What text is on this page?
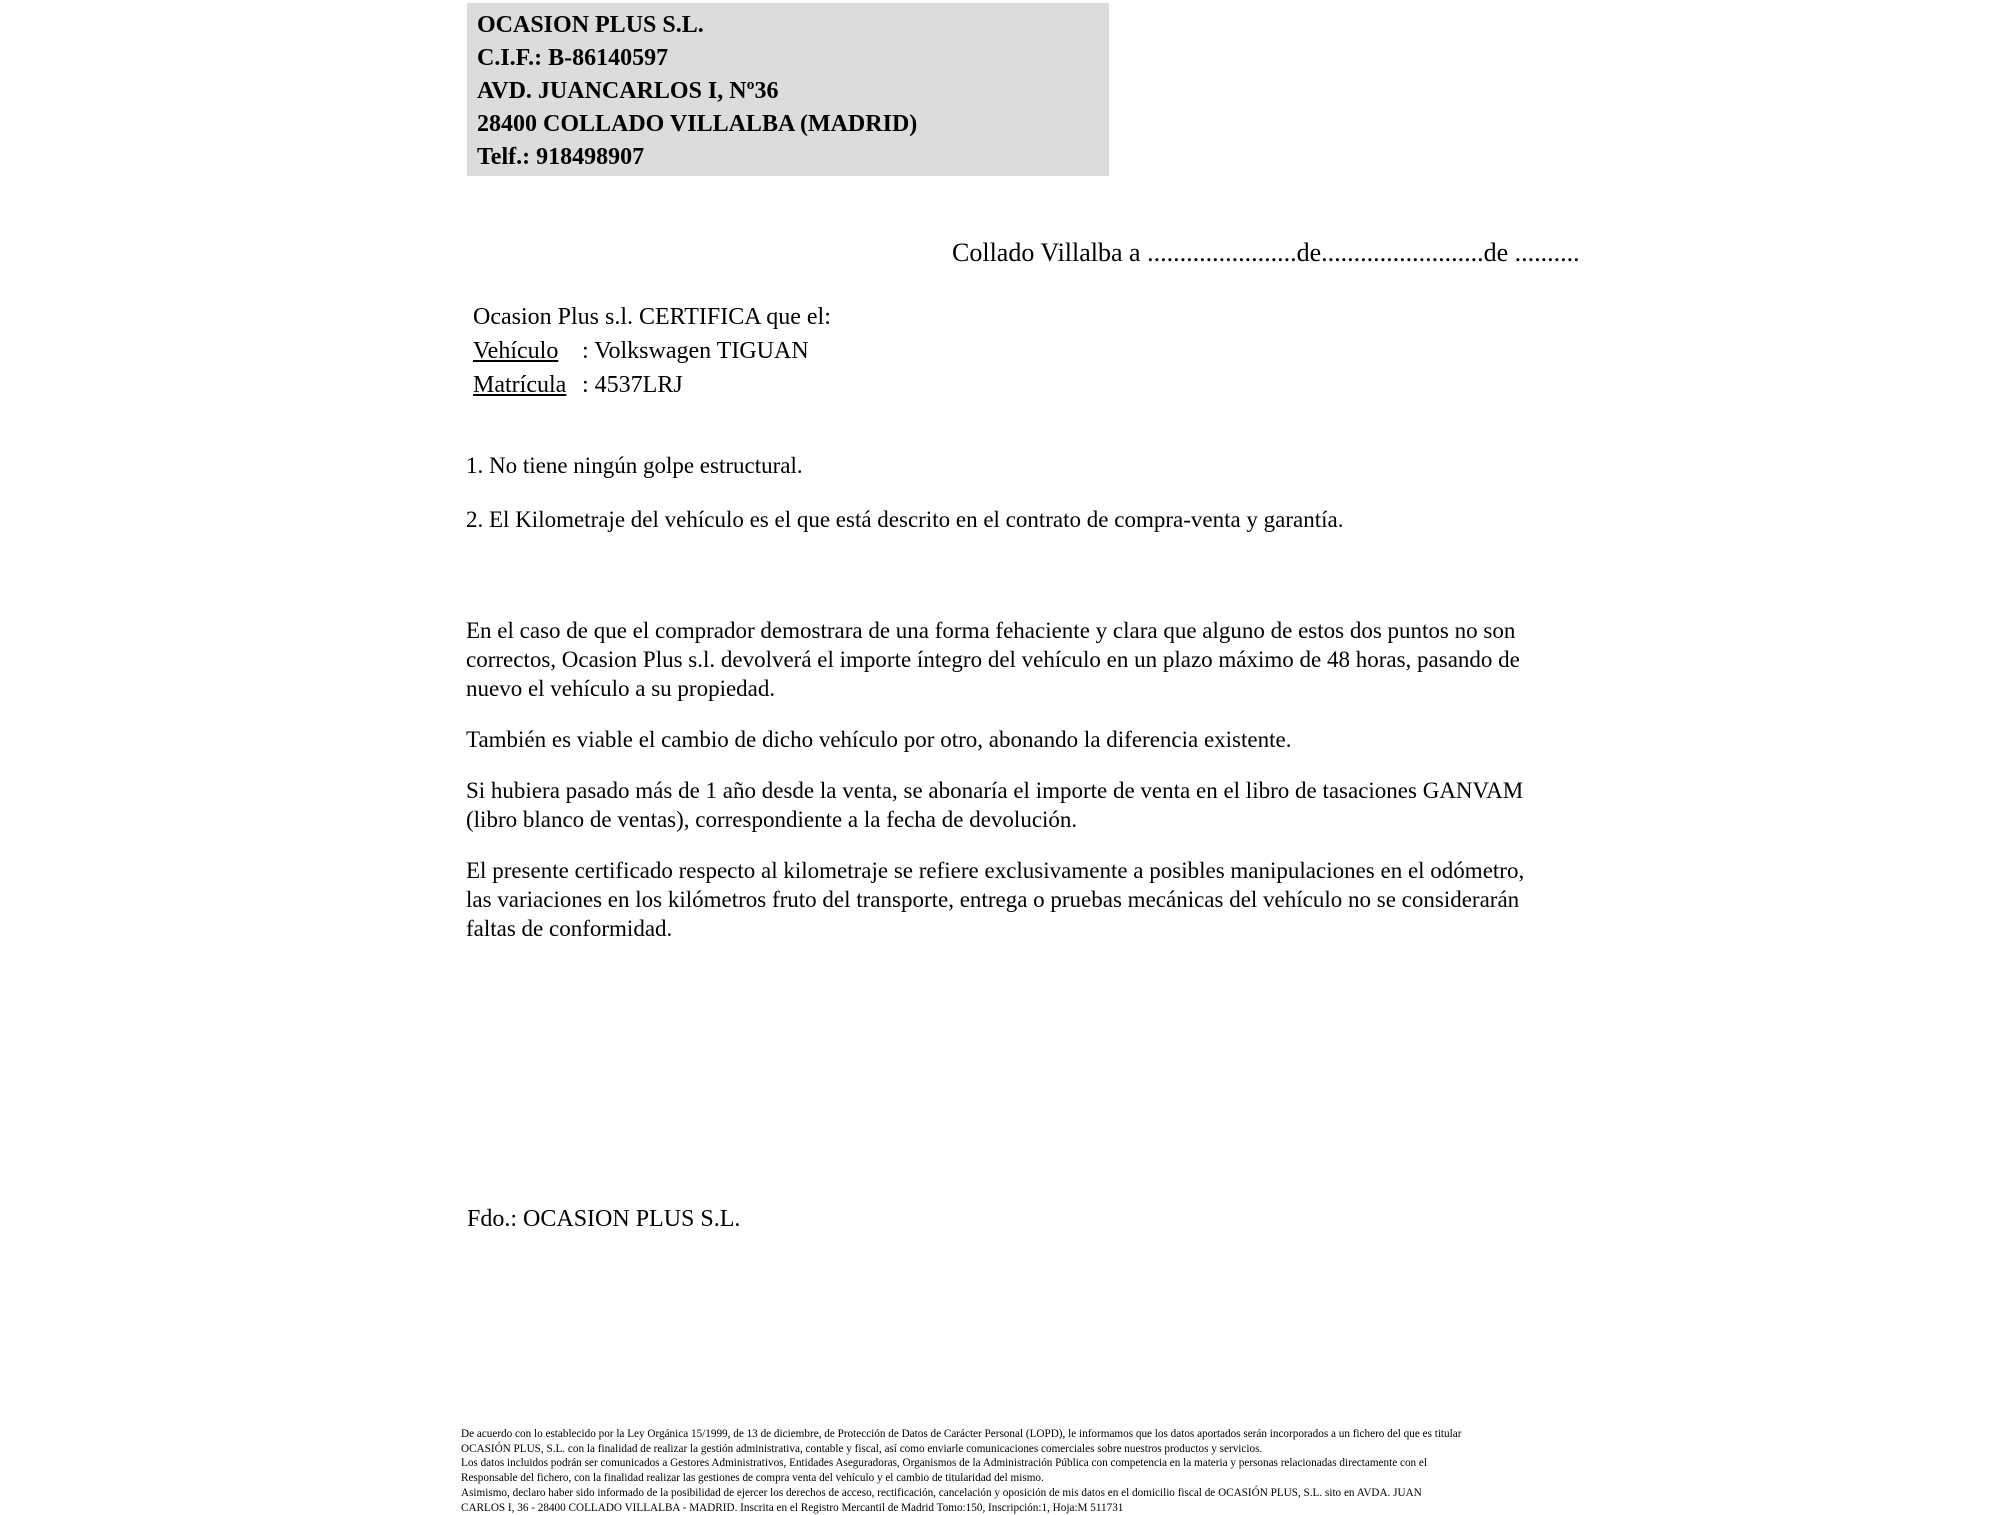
OCASION PLUS S.L.
C.I.F.: B-86140597
AVD. JUANCARLOS I, Nº36
28400 COLLADO VILLALBA (MADRID)
Telf.: 918498907
Collado Villalba a .......................de.........................de ..........
Ocasion Plus s.l. CERTIFICA que el:
Vehículo : Volkswagen TIGUAN
Matrícula : 4537LRJ
1. No tiene ningún golpe estructural.
2. El Kilometraje del vehículo es el que está descrito en el contrato de compra-venta y garantía.

En el caso de que el comprador demostrara de una forma fehaciente y clara que alguno de estos dos puntos no son correctos, Ocasion Plus s.l. devolverá el importe íntegro del vehículo en un plazo máximo de 48 horas, pasando de nuevo el vehículo a su propiedad.

También es viable el cambio de dicho vehículo por otro, abonando la diferencia existente.

Si hubiera pasado más de 1 año desde la venta, se abonaría el importe de venta en el libro de tasaciones GANVAM (libro blanco de ventas), correspondiente a la fecha de devolución.

El presente certificado respecto al kilometraje se refiere exclusivamente a posibles manipulaciones en el odómetro, las variaciones en los kilómetros fruto del transporte, entrega o pruebas mecánicas del vehículo no se considerarán faltas de conformidad.

Fdo.: OCASION PLUS S.L.
De acuerdo con lo establecido por la Ley Orgánica 15/1999, de 13 de diciembre, de Protección de Datos de Carácter Personal (LOPD), le informamos que los datos aportados serán incorporados a un fichero del que es titular
OCASIÓN PLUS, S.L. con la finalidad de realizar la gestión administrativa, contable y fiscal, así como enviarle comunicaciones comerciales sobre nuestros productos y servicios.
Los datos incluidos podrán ser comunicados a Gestores Administrativos, Entidades Aseguradoras, Organismos de la Administración Pública con competencia en la materia y personas relacionadas directamente con el
Responsable del fichero, con la finalidad realizar las gestiones de compra venta del vehículo y el cambio de titularidad del mismo.
Asimismo, declaro haber sido informado de la posibilidad de ejercer los derechos de acceso, rectificación, cancelación y oposición de mis datos en el domicilio fiscal de OCASIÓN PLUS, S.L. sito en AVDA. JUAN
CARLOS I, 36 - 28400 COLLADO VILLALBA - MADRID. Inscrita en el Registro Mercantil de Madrid Tomo:150, Inscripción:1, Hoja:M 511731
